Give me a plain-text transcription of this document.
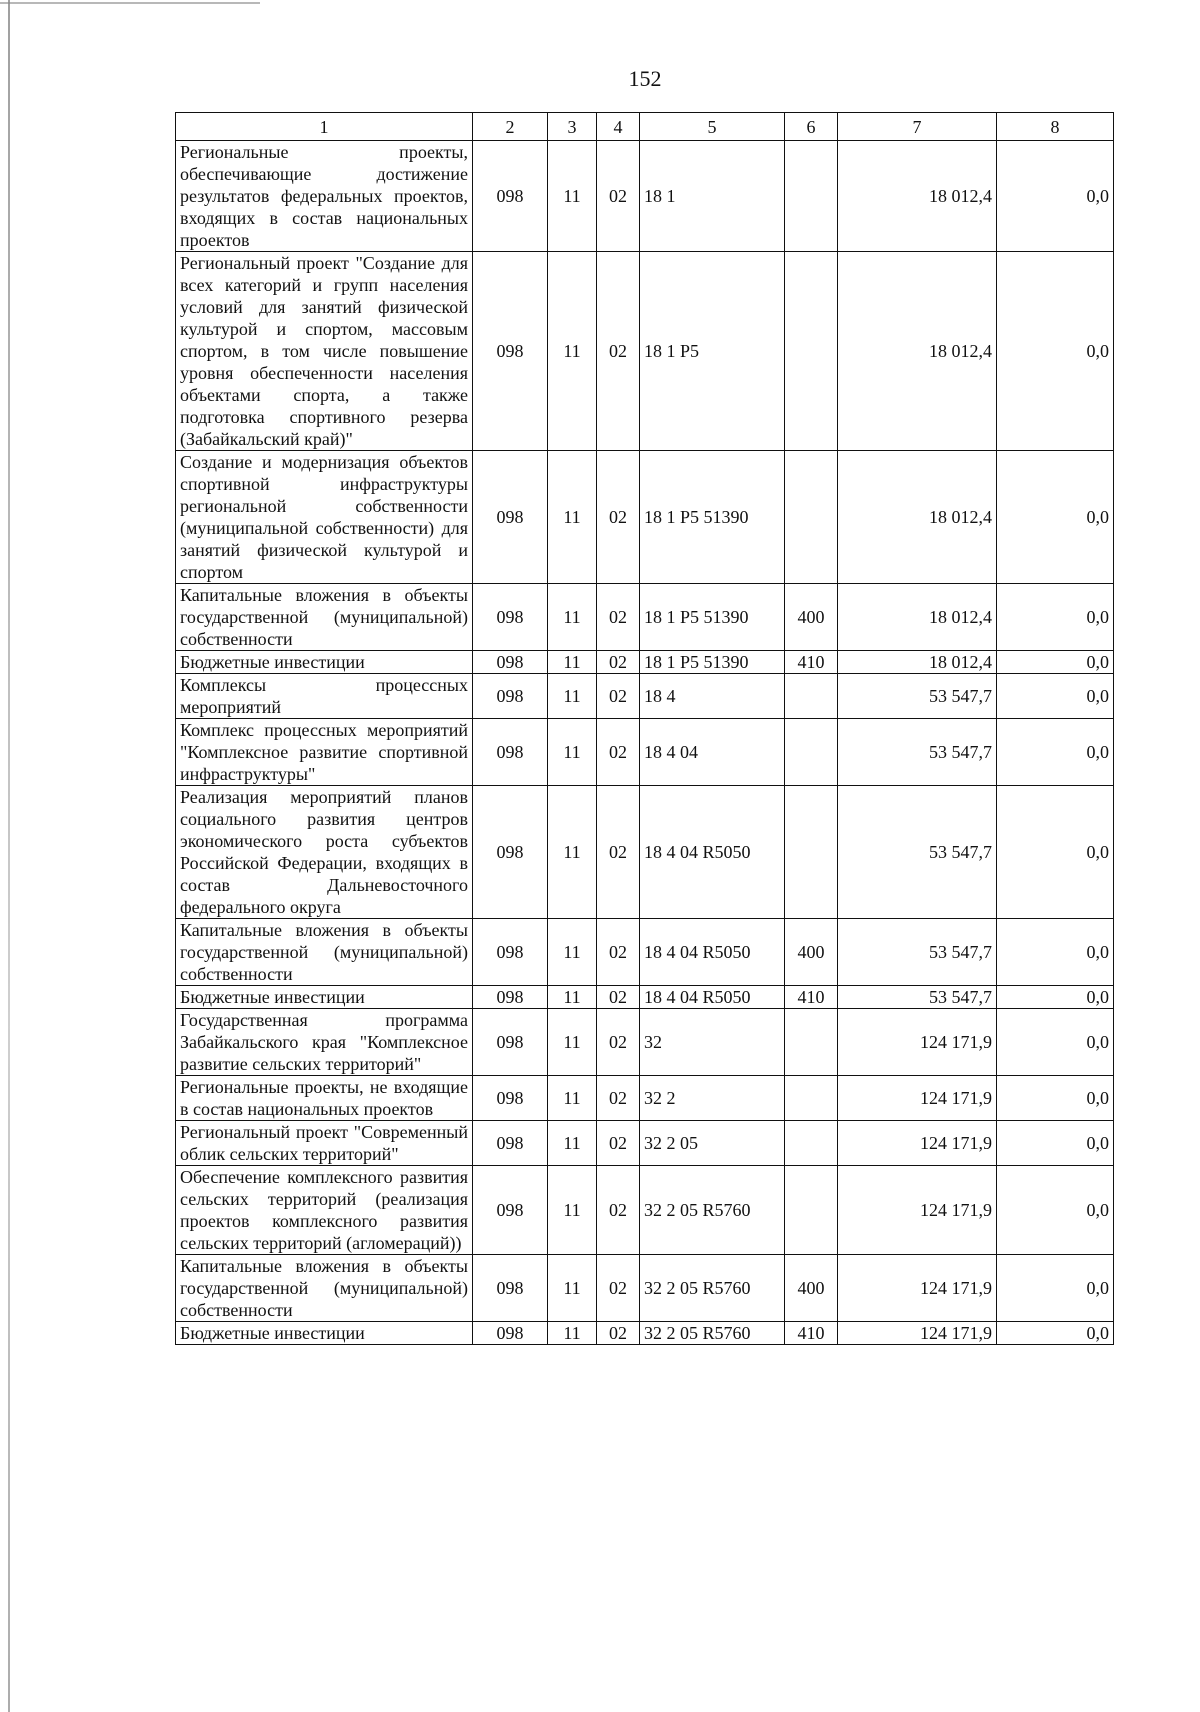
152
1	2	3	4	5	6	7	8
Региональные проекты, обеспечивающие достижение результатов федеральных проектов, входящих в состав национальных проектов	098	11	02	18 1		18 012,4	0,0
Региональный проект "Создание для всех категорий и групп населения условий для занятий физической культурой и спортом, массовым спортом, в том числе повышение уровня обеспеченности населения объектами спорта, а также подготовка спортивного резерва (Забайкальский край)"	098	11	02	18 1 P5		18 012,4	0,0
Создание и модернизация объектов спортивной инфраструктуры региональной собственности (муниципальной собственности) для занятий физической культурой и спортом	098	11	02	18 1 P5 51390		18 012,4	0,0
Капитальные вложения в объекты государственной (муниципальной) собственности	098	11	02	18 1 P5 51390	400	18 012,4	0,0
Бюджетные инвестиции	098	11	02	18 1 P5 51390	410	18 012,4	0,0
Комплексы процессных мероприятий	098	11	02	18 4		53 547,7	0,0
Комплекс процессных мероприятий "Комплексное развитие спортивной инфраструктуры"	098	11	02	18 4 04		53 547,7	0,0
Реализация мероприятий планов социального развития центров экономического роста субъектов Российской Федерации, входящих в состав Дальневосточного федерального округа	098	11	02	18 4 04 R5050		53 547,7	0,0
Капитальные вложения в объекты государственной (муниципальной) собственности	098	11	02	18 4 04 R5050	400	53 547,7	0,0
Бюджетные инвестиции	098	11	02	18 4 04 R5050	410	53 547,7	0,0
Государственная программа Забайкальского края "Комплексное развитие сельских территорий"	098	11	02	32		124 171,9	0,0
Региональные проекты, не входящие в состав национальных проектов	098	11	02	32 2		124 171,9	0,0
Региональный проект "Современный облик сельских территорий"	098	11	02	32 2 05		124 171,9	0,0
Обеспечение комплексного развития сельских территорий (реализация проектов комплексного развития сельских территорий (агломераций))	098	11	02	32 2 05 R5760		124 171,9	0,0
Капитальные вложения в объекты государственной (муниципальной) собственности	098	11	02	32 2 05 R5760	400	124 171,9	0,0
Бюджетные инвестиции	098	11	02	32 2 05 R5760	410	124 171,9	0,0
